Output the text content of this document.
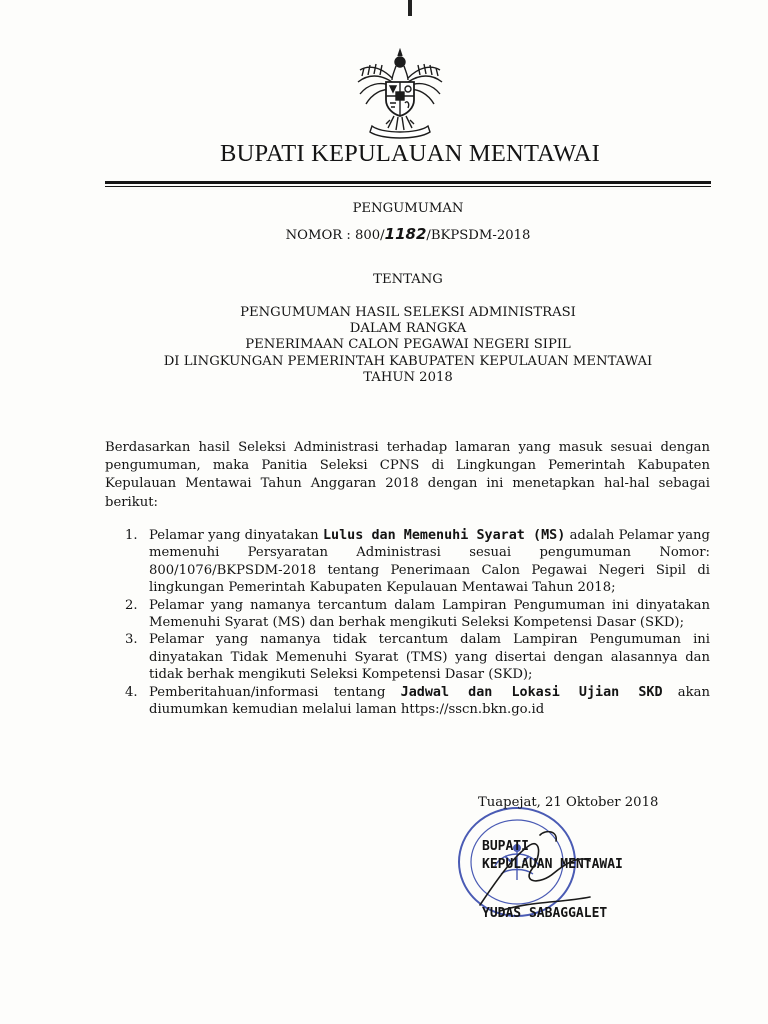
BUPATI KEPULAUAN MENTAWAI
PENGUMUMAN
NOMOR : 800/1182/BKPSDM-2018
TENTANG
PENGUMUMAN HASIL SELEKSI ADMINISTRASI
DALAM RANGKA
PENERIMAAN CALON PEGAWAI NEGERI SIPIL
DI LINGKUNGAN PEMERINTAH KABUPATEN KEPULAUAN MENTAWAI
TAHUN 2018
Berdasarkan hasil Seleksi Administrasi terhadap lamaran yang masuk sesuai dengan pengumuman, maka Panitia Seleksi CPNS di Lingkungan Pemerintah Kabupaten Kepulauan Mentawai Tahun Anggaran 2018 dengan ini menetapkan hal-hal sebagai berikut:
1. Pelamar yang dinyatakan Lulus dan Memenuhi Syarat (MS) adalah Pelamar yang memenuhi Persyaratan Administrasi sesuai pengumuman Nomor: 800/1076/BKPSDM-2018 tentang Penerimaan Calon Pegawai Negeri Sipil di lingkungan Pemerintah Kabupaten Kepulauan Mentawai Tahun 2018;
2. Pelamar yang namanya tercantum dalam Lampiran Pengumuman ini dinyatakan Memenuhi Syarat (MS) dan berhak mengikuti Seleksi Kompetensi Dasar (SKD);
3. Pelamar yang namanya tidak tercantum dalam Lampiran Pengumuman ini dinyatakan Tidak Memenuhi Syarat (TMS) yang disertai dengan alasannya dan tidak berhak mengikuti Seleksi Kompetensi Dasar (SKD);
4. Pemberitahuan/informasi tentang Jadwal dan Lokasi Ujian SKD akan diumumkan kemudian melalui laman https://sscn.bkn.go.id
Tuapejat, 21 Oktober 2018
BUPATI
KEPULAUAN MENTAWAI
YUDAS SABAGGALET
